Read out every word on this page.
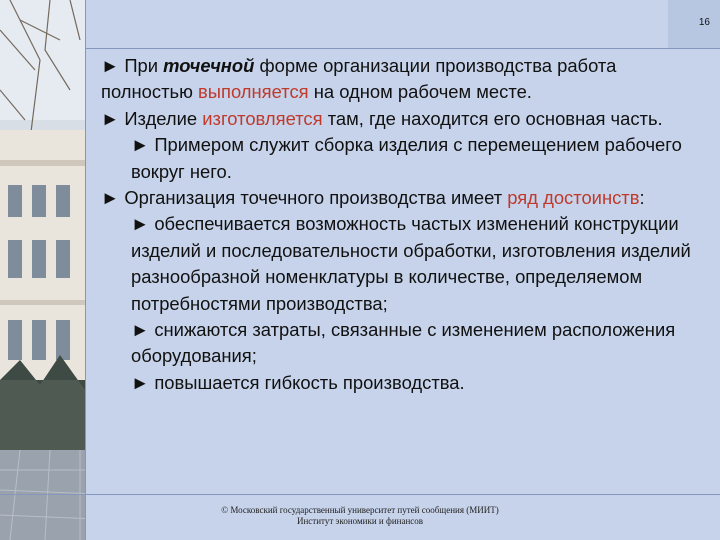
16

► При точечной форме организации производства работа полностью выполняется на одном рабочем месте.

► Изделие изготовляется там, где находится его основная часть.

► Примером служит сборка изделия с перемещением рабочего вокруг него.

► Организация точечного производства имеет ряд достоинств:

► обеспечивается возможность частых изменений конструкции изделий и последовательности обработки, изготовления изделий разнообразной номенклатуры в количестве, определяемом потребностями производства;

► снижаются затраты, связанные с изменением расположения оборудования;

► повышается гибкость производства.

© Московский государственный университет путей сообщения (МИИТ)
Институт экономики и финансов
